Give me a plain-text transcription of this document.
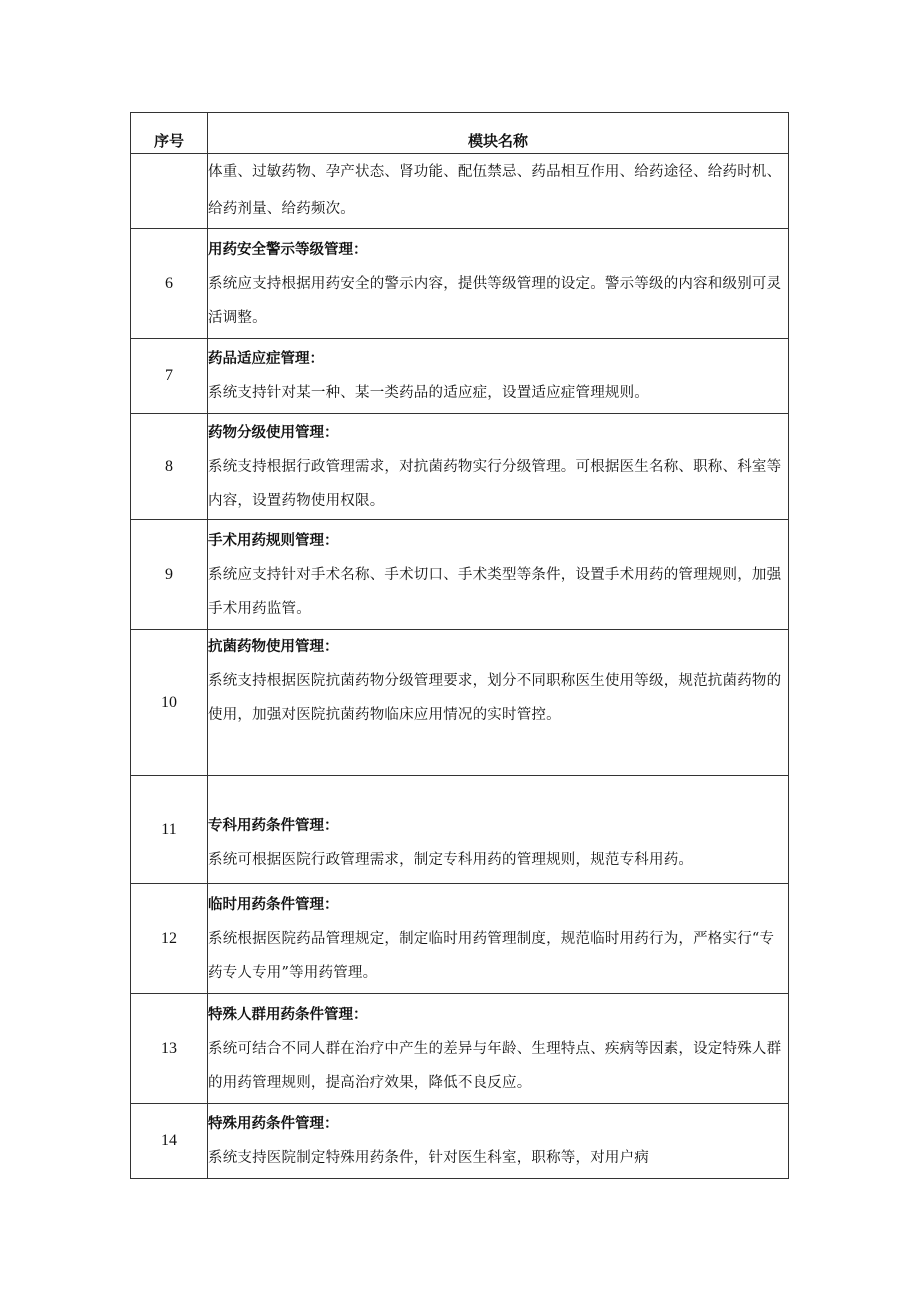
序号	模块名称

	体重、过敏药物、孕产状态、肾功能、配伍禁忌、药品相互作用、给药途径、给药时机、给药剂量、给药频次。

6	用药安全警示等级管理：
系统应支持根据用药安全的警示内容，提供等级管理的设定。警示等级的内容和级别可灵活调整。

7	药品适应症管理：
系统支持针对某一种、某一类药品的适应症，设置适应症管理规则。

8	药物分级使用管理：
系统支持根据行政管理需求，对抗菌药物实行分级管理。可根据医生名称、职称、科室等内容，设置药物使用权限。

9	手术用药规则管理：
系统应支持针对手术名称、手术切口、手术类型等条件，设置手术用药的管理规则，加强手术用药监管。

10	抗菌药物使用管理：
系统支持根据医院抗菌药物分级管理要求，划分不同职称医生使用等级，规范抗菌药物的使用，加强对医院抗菌药物临床应用情况的实时管控。

11	专科用药条件管理：
系统可根据医院行政管理需求，制定专科用药的管理规则，规范专科用药。

12	临时用药条件管理：
系统根据医院药品管理规定，制定临时用药管理制度，规范临时用药行为，严格实行“专药专人专用”等用药管理。

13	特殊人群用药条件管理：
系统可结合不同人群在治疗中产生的差异与年龄、生理特点、疾病等因素，设定特殊人群的用药管理规则，提高治疗效果，降低不良反应。

14	特殊用药条件管理：
系统支持医院制定特殊用药条件，针对医生科室，职称等，对用户病
